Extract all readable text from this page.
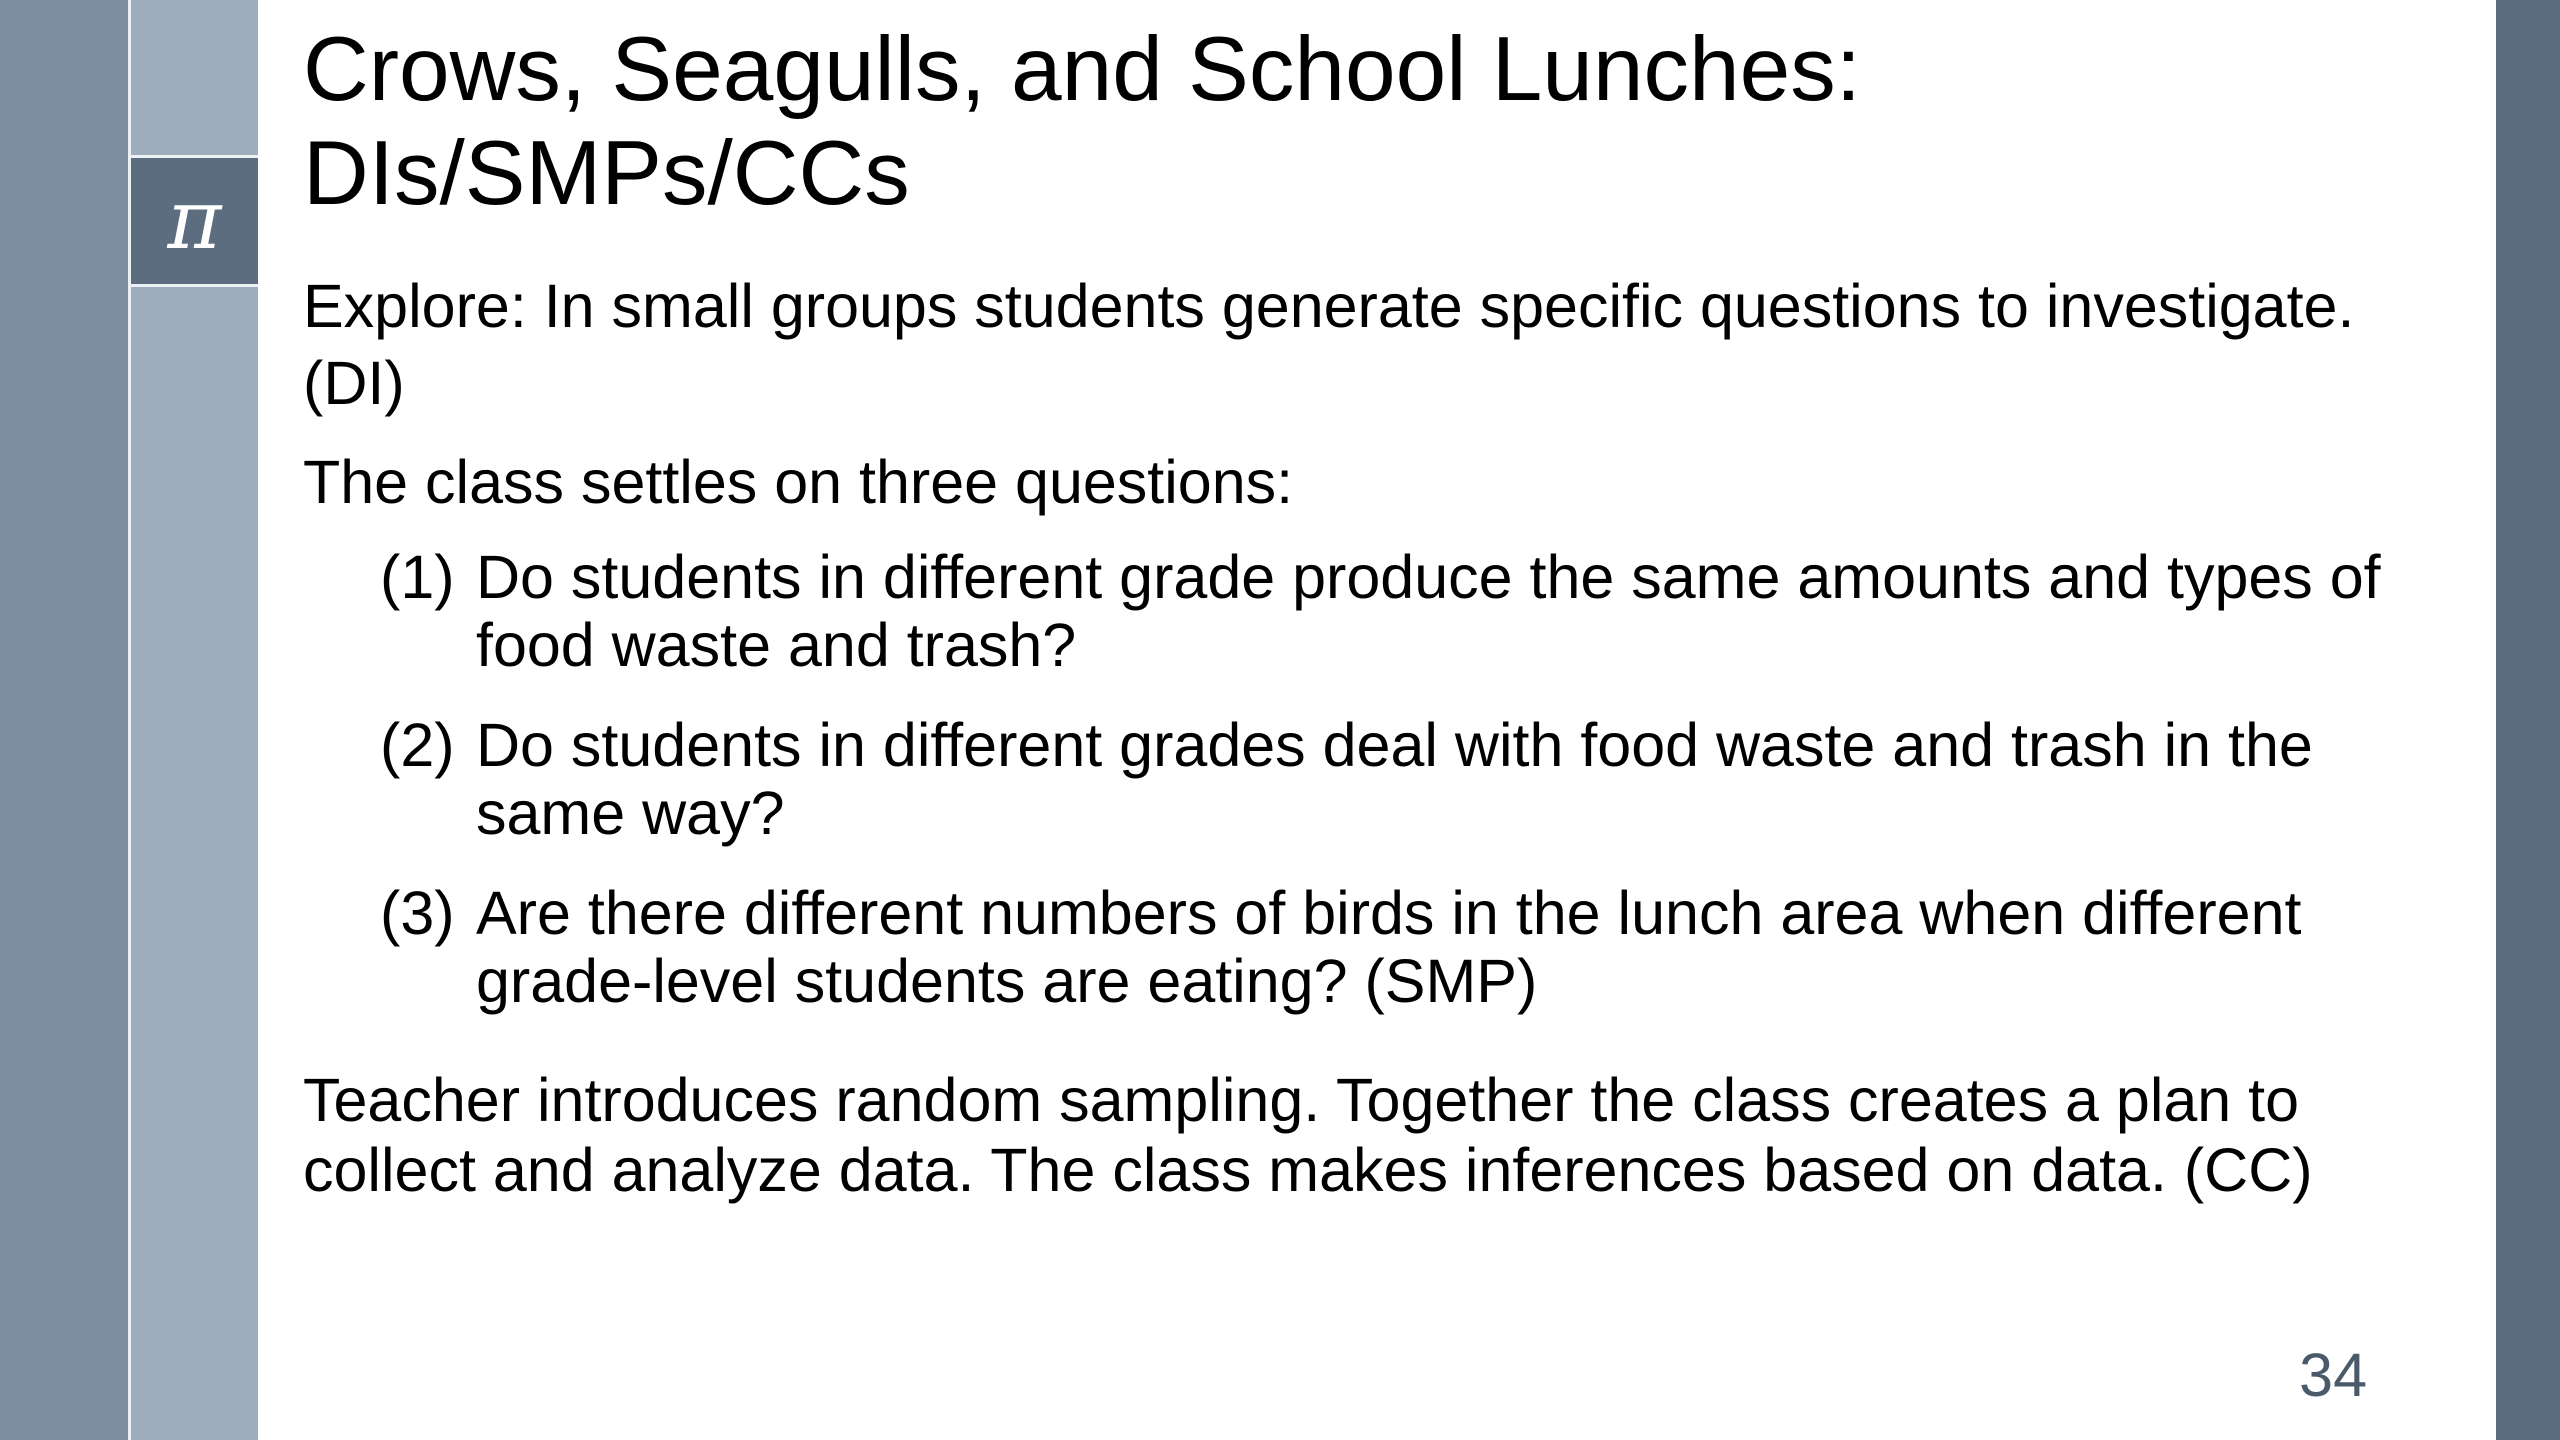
π
Crows, Seagulls, and School Lunches:
DIs/SMPs/CCs

Explore: In small groups students generate specific questions to investigate. (DI)

The class settles on three questions:

(1) Do students in different grade produce the same amounts and types of food waste and trash?
(2) Do students in different grades deal with food waste and trash in the same way?
(3) Are there different numbers of birds in the lunch area when different grade-level students are eating? (SMP)

Teacher introduces random sampling. Together the class creates a plan to collect and analyze data. The class makes inferences based on data. (CC)

34
